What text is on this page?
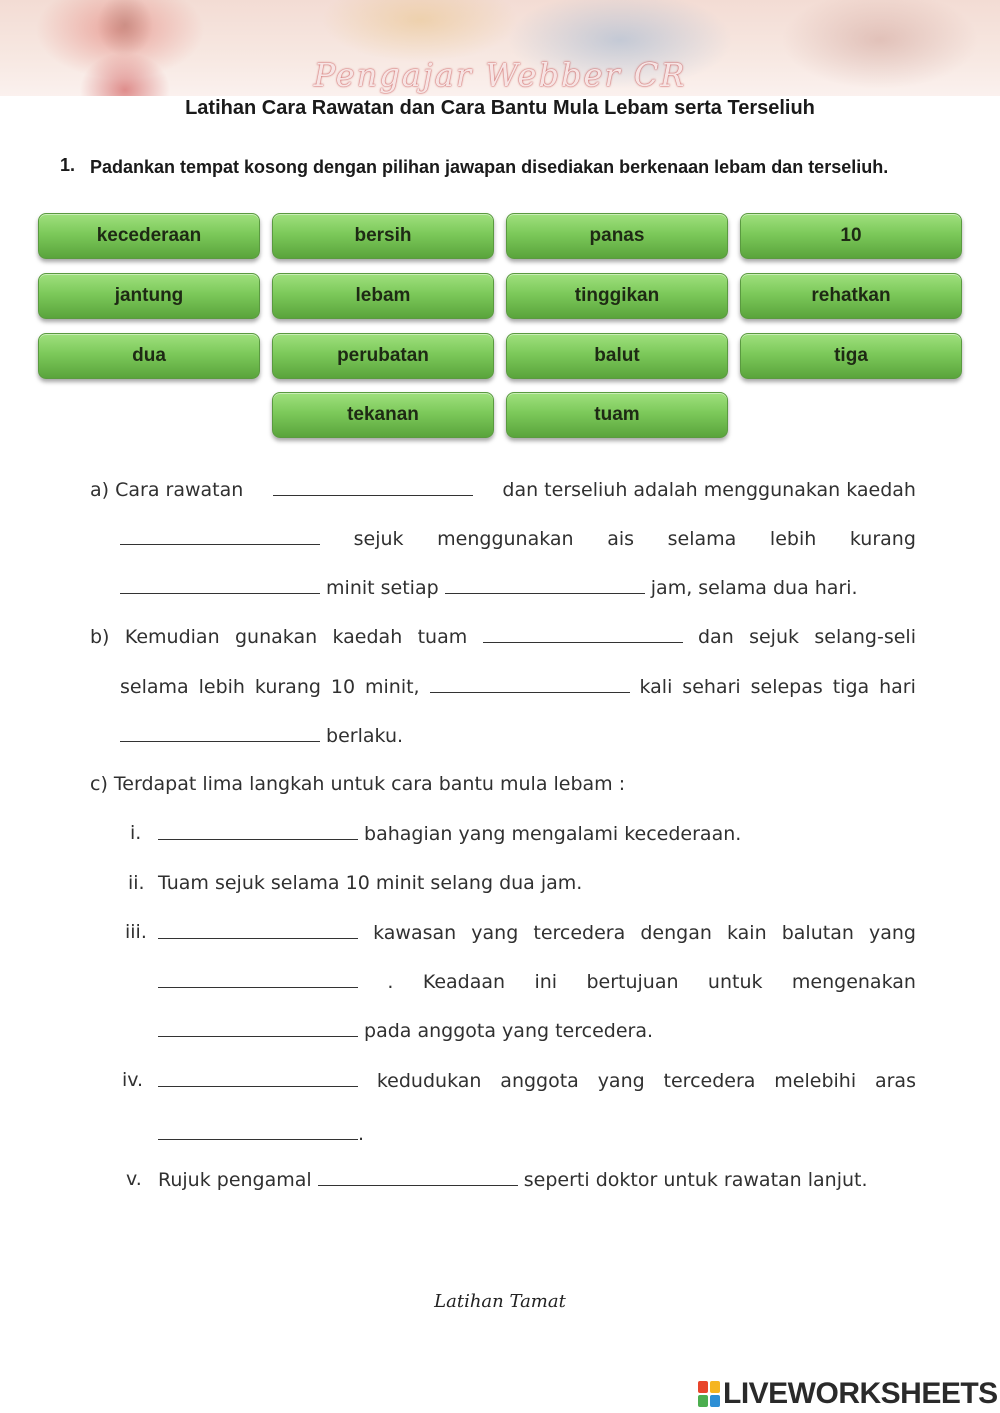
Pengajar Webber CR
Latihan Cara Rawatan dan Cara Bantu Mula Lebam serta Terseliuh
1. Padankan tempat kosong dengan pilihan jawapan disediakan berkenaan lebam dan terseliuh.
kecederaan	bersih	panas	10
jantung	lebam	tinggikan	rehatkan
dua	perubatan	balut	tiga
tekanan	tuam
a) Cara rawatan	dan terseliuh adalah menggunakan kaedah
sejuk menggunakan ais selama lebih kurang
minit setiap	jam, selama dua hari.
b) Kemudian gunakan kaedah tuam	dan sejuk selang-seli
selama lebih kurang 10 minit,	kali sehari selepas tiga hari
berlaku.
c) Terdapat lima langkah untuk cara bantu mula lebam :
i.	bahagian yang mengalami kecederaan.
ii. Tuam sejuk selama 10 minit selang dua jam.
iii.	kawasan yang tercedera dengan kain balutan yang
. Keadaan ini bertujuan untuk mengenakan
pada anggota yang tercedera.
iv.	kedudukan anggota yang tercedera melebihi aras
.
v. Rujuk pengamal	seperti doktor untuk rawatan lanjut.
Latihan Tamat
LIVEWORKSHEETS
